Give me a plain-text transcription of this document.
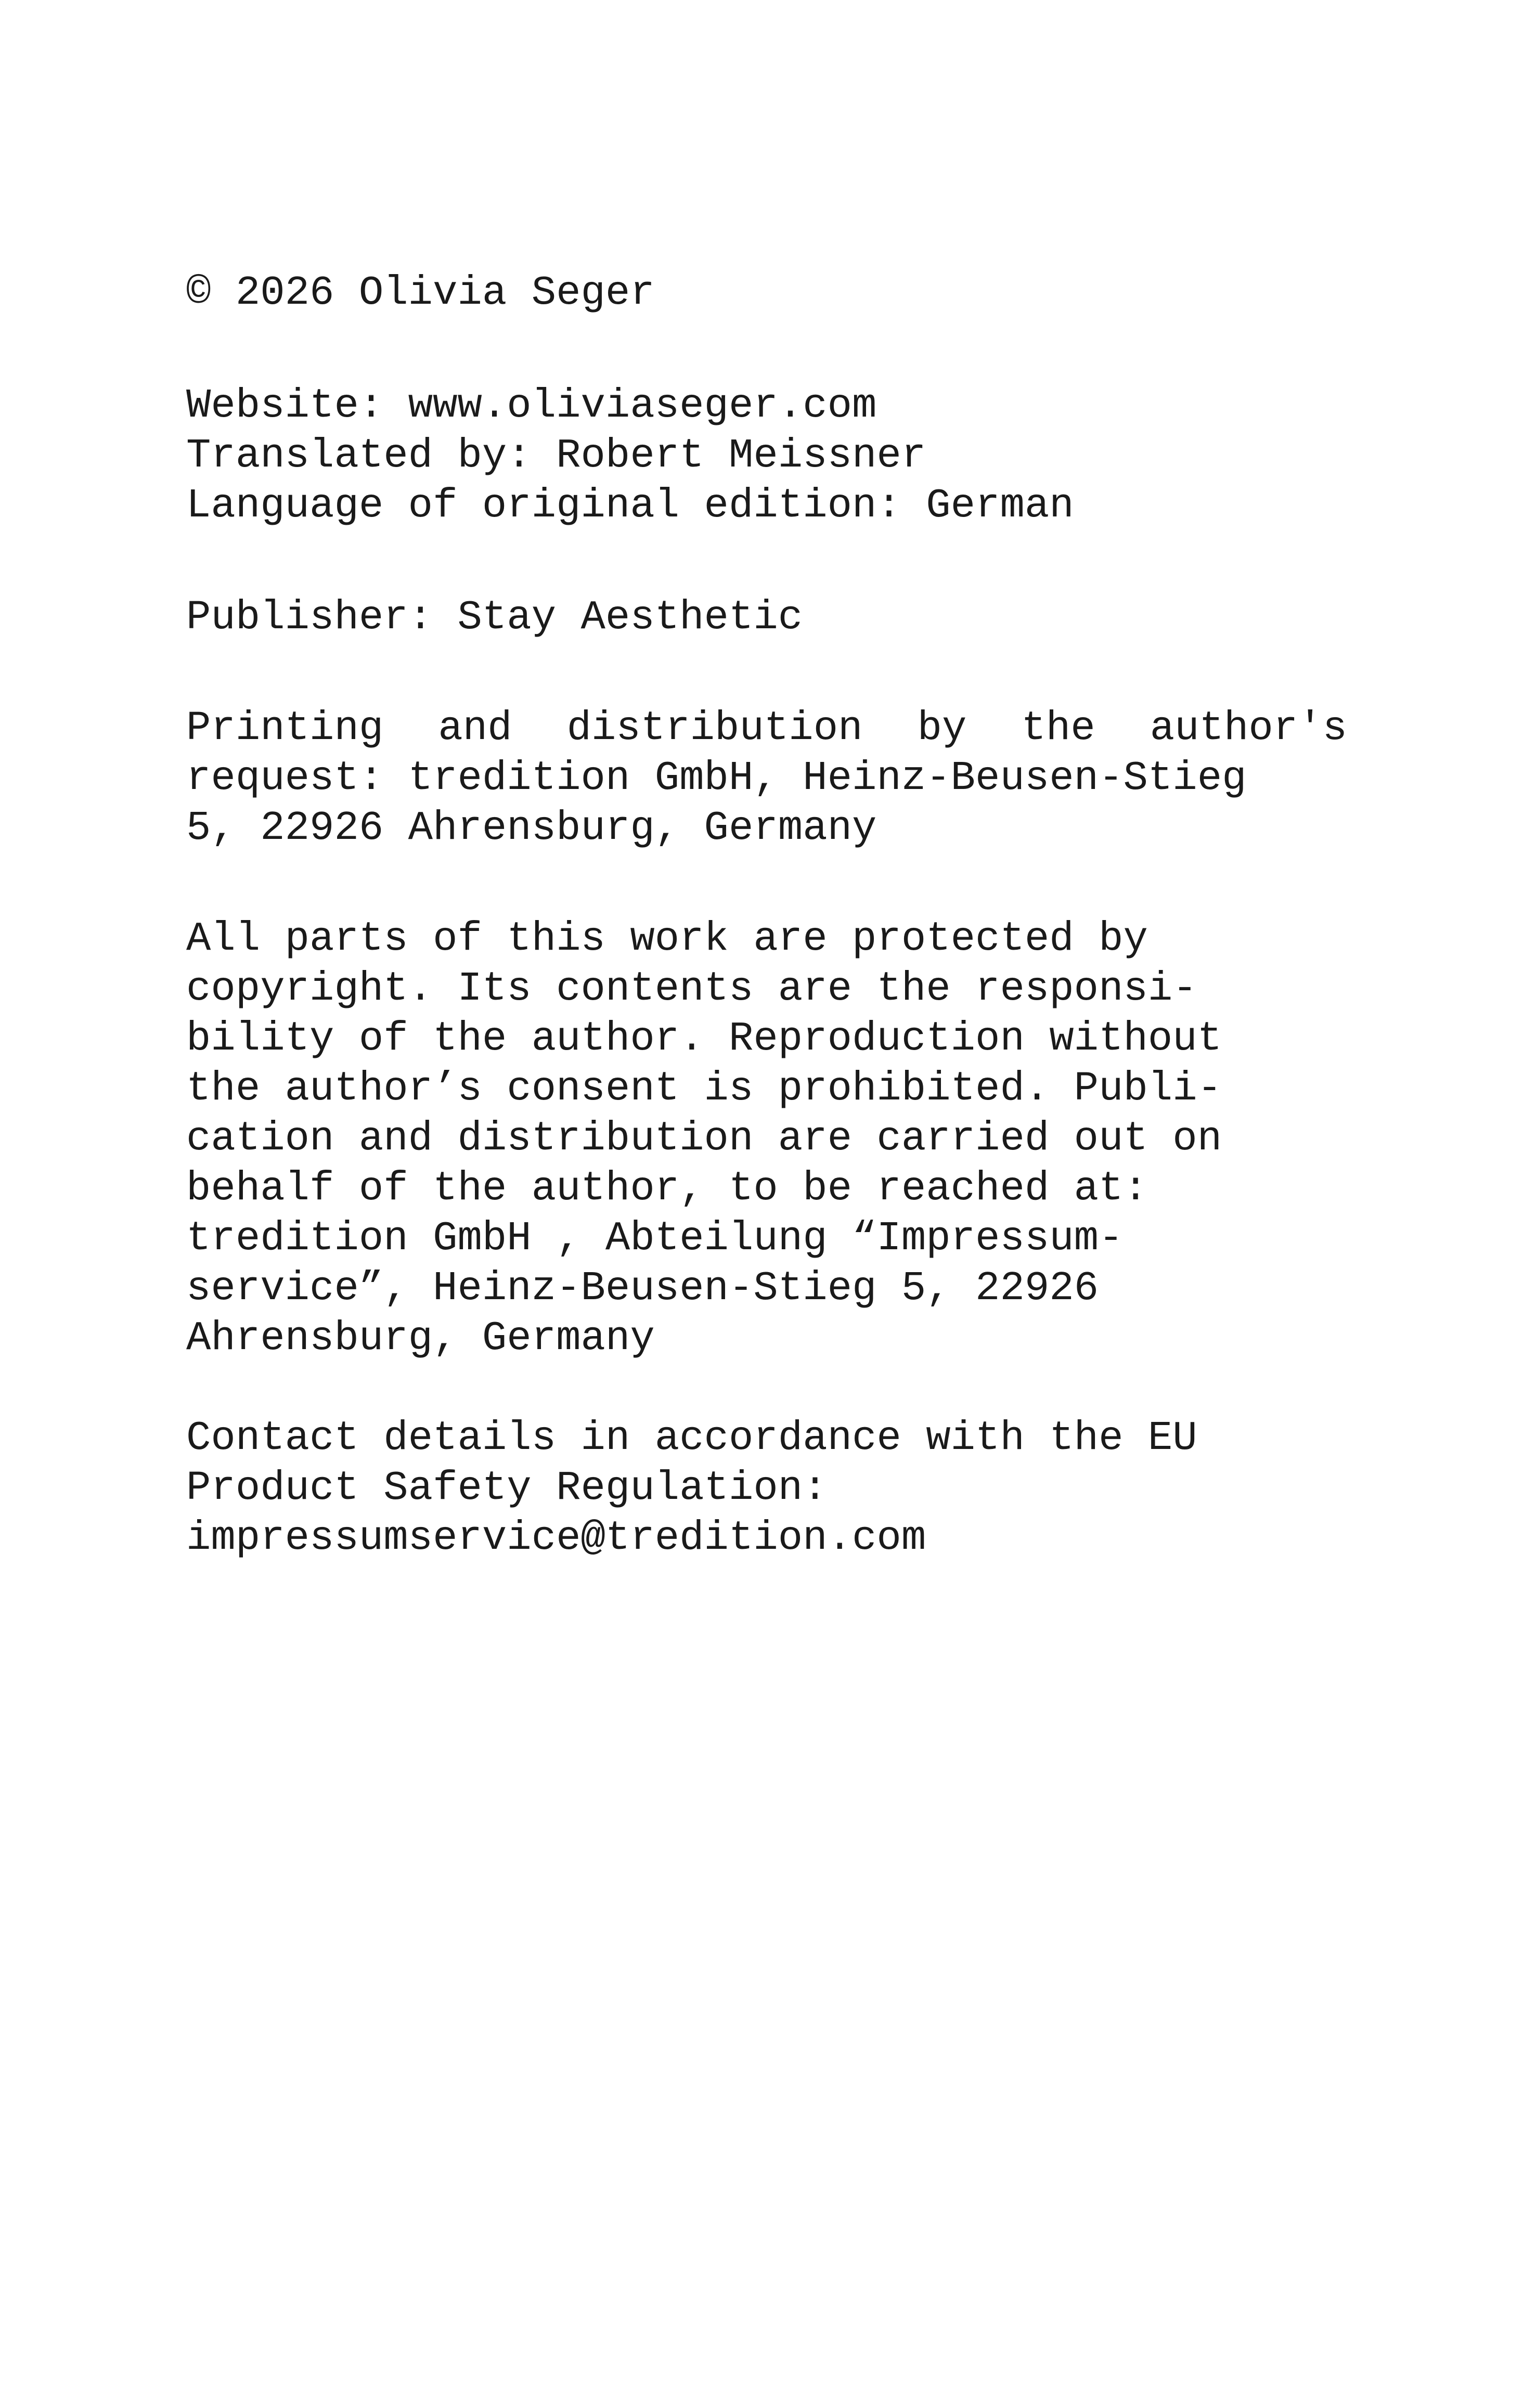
© 2026 Olivia Seger
Website: www.oliviaseger.com
Translated by: Robert Meissner
Language of original edition: German
Publisher: Stay Aesthetic
Printing and distribution by the author's
request: tredition GmbH, Heinz-Beusen-Stieg
5, 22926 Ahrensburg, Germany
All parts of this work are protected by
copyright. Its contents are the responsi-
bility of the author. Reproduction without
the author’s consent is prohibited. Publi-
cation and distribution are carried out on
behalf of the author, to be reached at:
tredition GmbH , Abteilung “Impressum-
service”, Heinz-Beusen-Stieg 5, 22926
Ahrensburg, Germany
Contact details in accordance with the EU
Product Safety Regulation:
impressumservice@tredition.com
